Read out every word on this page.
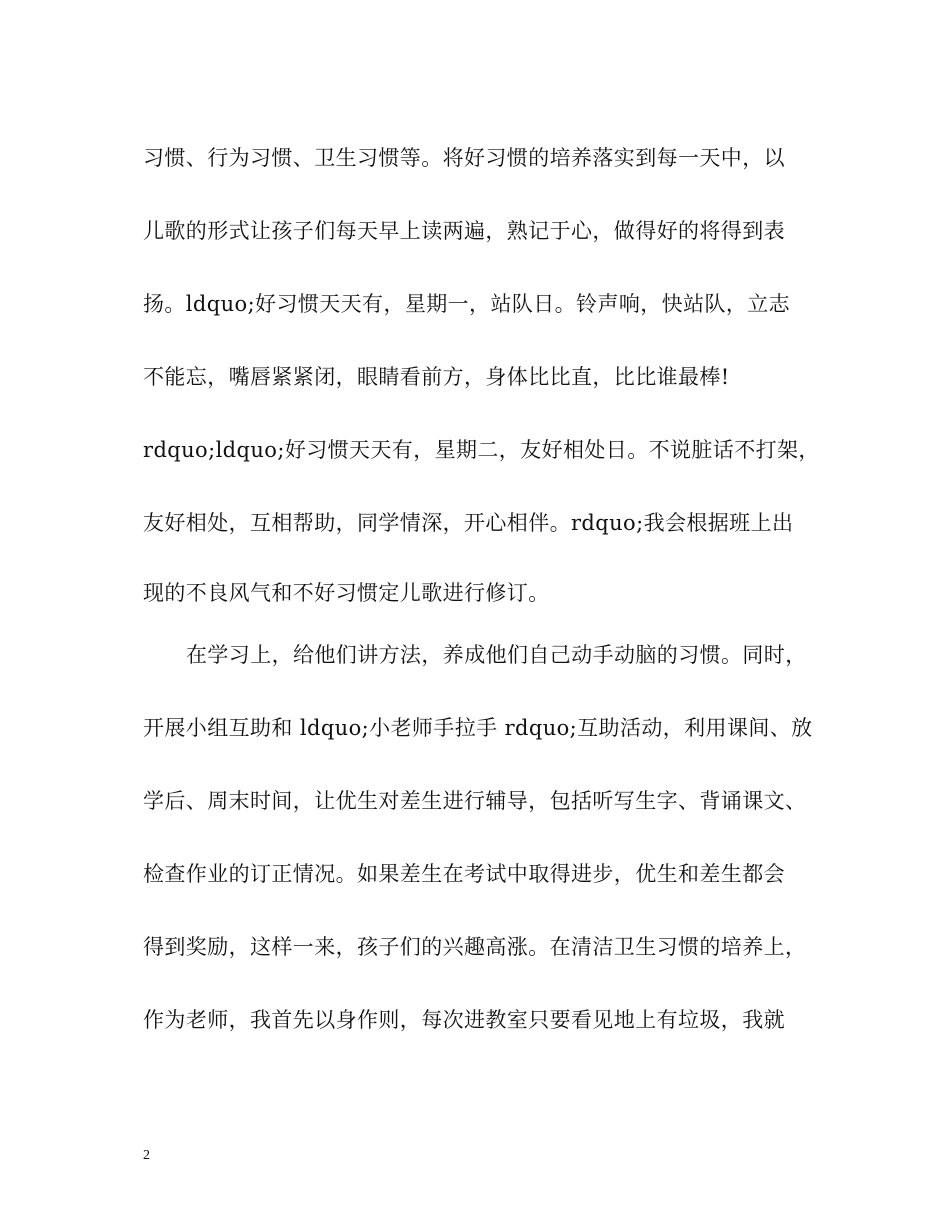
习惯、行为习惯、卫生习惯等。将好习惯的培养落实到每一天中，以
儿歌的形式让孩子们每天早上读两遍，熟记于心，做得好的将得到表
扬。ldquo;好习惯天天有，星期一，站队日。铃声响，快站队，立志
不能忘，嘴唇紧紧闭，眼睛看前方，身体比比直，比比谁最棒!
rdquo;ldquo;好习惯天天有，星期二，友好相处日。不说脏话不打架，
友好相处，互相帮助，同学情深，开心相伴。rdquo;我会根据班上出
现的不良风气和不好习惯定儿歌进行修订。
在学习上，给他们讲方法，养成他们自己动手动脑的习惯。同时，
开展小组互助和 ldquo;小老师手拉手 rdquo;互助活动，利用课间、放
学后、周末时间，让优生对差生进行辅导，包括听写生字、背诵课文、
检查作业的订正情况。如果差生在考试中取得进步，优生和差生都会
得到奖励，这样一来，孩子们的兴趣高涨。在清洁卫生习惯的培养上，
作为老师，我首先以身作则，每次进教室只要看见地上有垃圾，我就
2
